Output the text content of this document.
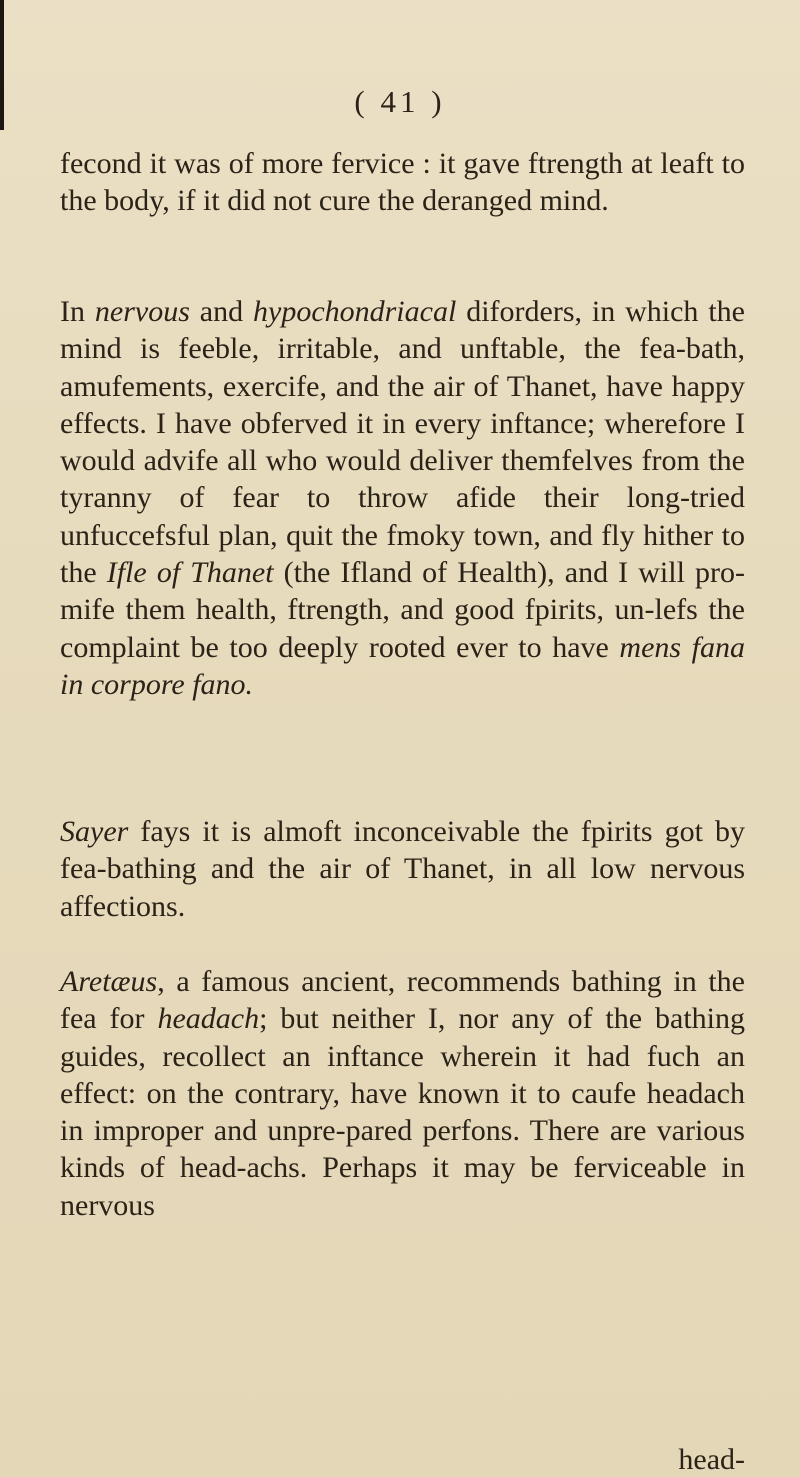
( 41 )

fecond it was of more fervice : it gave ftrength at leaft to the body, if it did not cure the deranged mind.

In nervous and hypochondriacal diforders, in which the mind is feeble, irritable, and unftable, the fea-bath, amufements, exercife, and the air of Thanet, have happy effects. I have obferved it in every inftance; wherefore I would advife all who would deliver themfelves from the tyranny of fear to throw afide their long-tried unfuccefsful plan, quit the fmoky town, and fly hither to the Ifle of Thanet (the Ifland of Health), and I will pro-mife them health, ftrength, and good fpirits, un-lefs the complaint be too deeply rooted ever to have mens fana in corpore fano.

Sayer fays it is almoft inconceivable the fpirits got by fea-bathing and the air of Thanet, in all low nervous affections.

Aretæus, a famous ancient, recommends bathing in the fea for headach; but neither I, nor any of the bathing guides, recollect an inftance wherein it had fuch an effect: on the contrary, have known it to caufe headach in improper and unpre-pared perfons. There are various kinds of head-achs. Perhaps it may be ferviceable in nervous

head-
